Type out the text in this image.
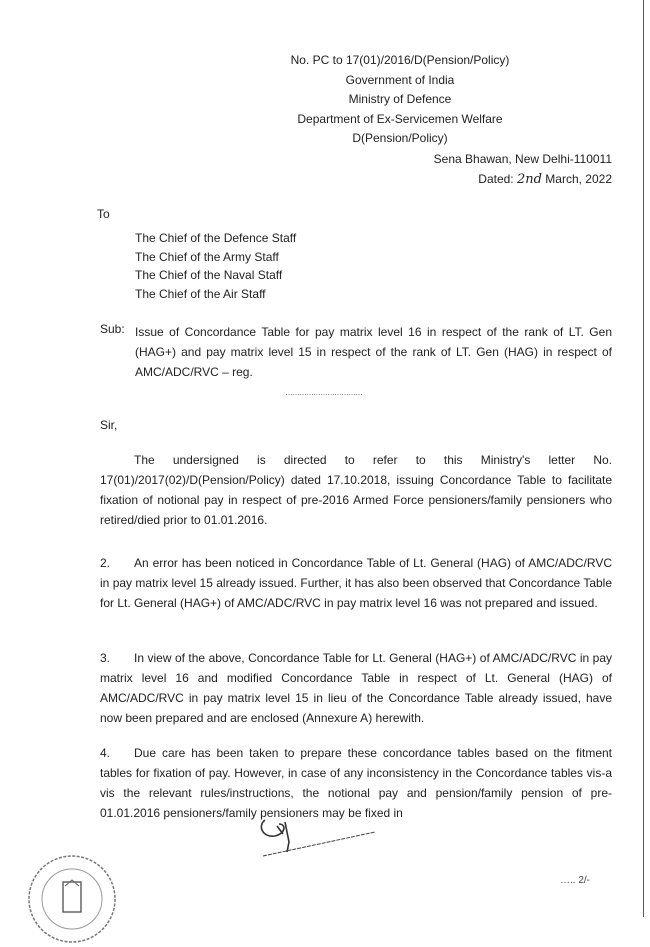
No. PC to 17(01)/2016/D(Pension/Policy)
Government of India
Ministry of Defence
Department of Ex-Servicemen Welfare
D(Pension/Policy)
Sena Bhawan, New Delhi-110011
Dated: 2nd March, 2022
To
The Chief of the Defence Staff
The Chief of the Army Staff
The Chief of the Naval Staff
The Chief of the Air Staff
Sub: Issue of Concordance Table for pay matrix level 16 in respect of the rank of LT. Gen (HAG+) and pay matrix level 15 in respect of the rank of LT. Gen (HAG) in respect of AMC/ADC/RVC – reg.
……………………………
Sir,
The undersigned is directed to refer to this Ministry's letter No. 17(01)/2017(02)/D(Pension/Policy) dated 17.10.2018, issuing Concordance Table to facilitate fixation of notional pay in respect of pre-2016 Armed Force pensioners/family pensioners who retired/died prior to 01.01.2016.
2. An error has been noticed in Concordance Table of Lt. General (HAG) of AMC/ADC/RVC in pay matrix level 15 already issued. Further, it has also been observed that Concordance Table for Lt. General (HAG+) of AMC/ADC/RVC in pay matrix level 16 was not prepared and issued.
3. In view of the above, Concordance Table for Lt. General (HAG+) of AMC/ADC/RVC in pay matrix level 16 and modified Concordance Table in respect of Lt. General (HAG) of AMC/ADC/RVC in pay matrix level 15 in lieu of the Concordance Table already issued, have now been prepared and are enclosed (Annexure A) herewith.
4. Due care has been taken to prepare these concordance tables based on the fitment tables for fixation of pay. However, in case of any inconsistency in the Concordance tables vis-a vis the relevant rules/instructions, the notional pay and pension/family pension of pre-01.01.2016 pensioners/family pensioners may be fixed in
….. 2/-
